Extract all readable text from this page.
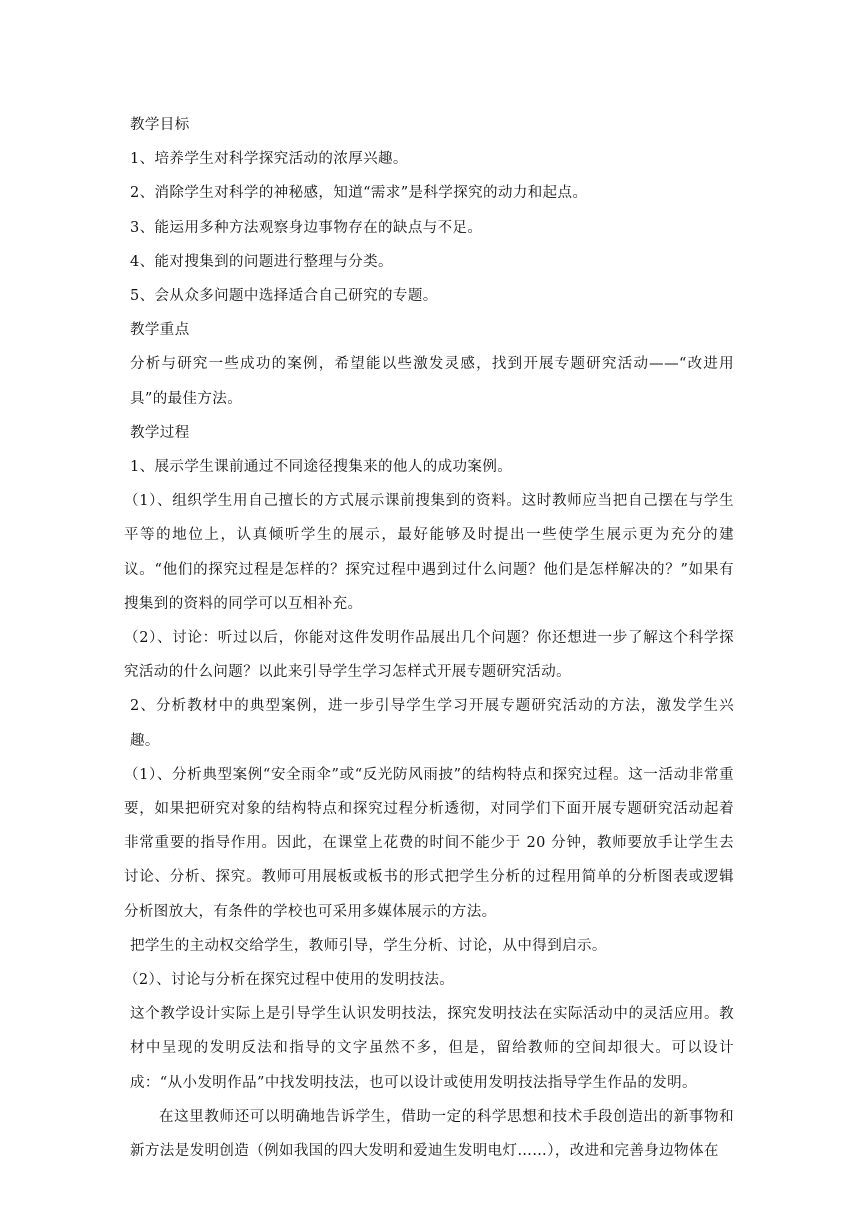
教学目标

1、培养学生对科学探究活动的浓厚兴趣。

2、消除学生对科学的神秘感，知道“需求”是科学探究的动力和起点。

3、能运用多种方法观察身边事物存在的缺点与不足。

4、能对搜集到的问题进行整理与分类。

5、会从众多问题中选择适合自己研究的专题。

教学重点

分析与研究一些成功的案例，希望能以些激发灵感，找到开展专题研究活动——“改进用具”的最佳方法。

教学过程

1、展示学生课前通过不同途径搜集来的他人的成功案例。

（1）、组织学生用自己擅长的方式展示课前搜集到的资料。这时教师应当把自己摆在与学生平等的地位上，认真倾听学生的展示，最好能够及时提出一些使学生展示更为充分的建议。“他们的探究过程是怎样的？探究过程中遇到过什么问题？他们是怎样解决的？”如果有搜集到的资料的同学可以互相补充。

（2）、讨论：听过以后，你能对这件发明作品展出几个问题？你还想进一步了解这个科学探究活动的什么问题？以此来引导学生学习怎样式开展专题研究活动。

2、分析教材中的典型案例，进一步引导学生学习开展专题研究活动的方法，激发学生兴趣。

（1）、分析典型案例“安全雨伞”或“反光防风雨披”的结构特点和探究过程。这一活动非常重要，如果把研究对象的结构特点和探究过程分析透彻，对同学们下面开展专题研究活动起着非常重要的指导作用。因此，在课堂上花费的时间不能少于 20 分钟，教师要放手让学生去讨论、分析、探究。教师可用展板或板书的形式把学生分析的过程用简单的分析图表或逻辑分析图放大，有条件的学校也可采用多媒体展示的方法。

把学生的主动权交给学生，教师引导，学生分析、讨论，从中得到启示。

（2）、讨论与分析在探究过程中使用的发明技法。

这个教学设计实际上是引导学生认识发明技法，探究发明技法在实际活动中的灵活应用。教材中呈现的发明反法和指导的文字虽然不多，但是，留给教师的空间却很大。可以设计成：“从小发明作品”中找发明技法，也可以设计或使用发明技法指导学生作品的发明。

在这里教师还可以明确地告诉学生，借助一定的科学思想和技术手段创造出的新事物和新方法是发明创造（例如我国的四大发明和爱迪生发明电灯……），改进和完善身边物体在
